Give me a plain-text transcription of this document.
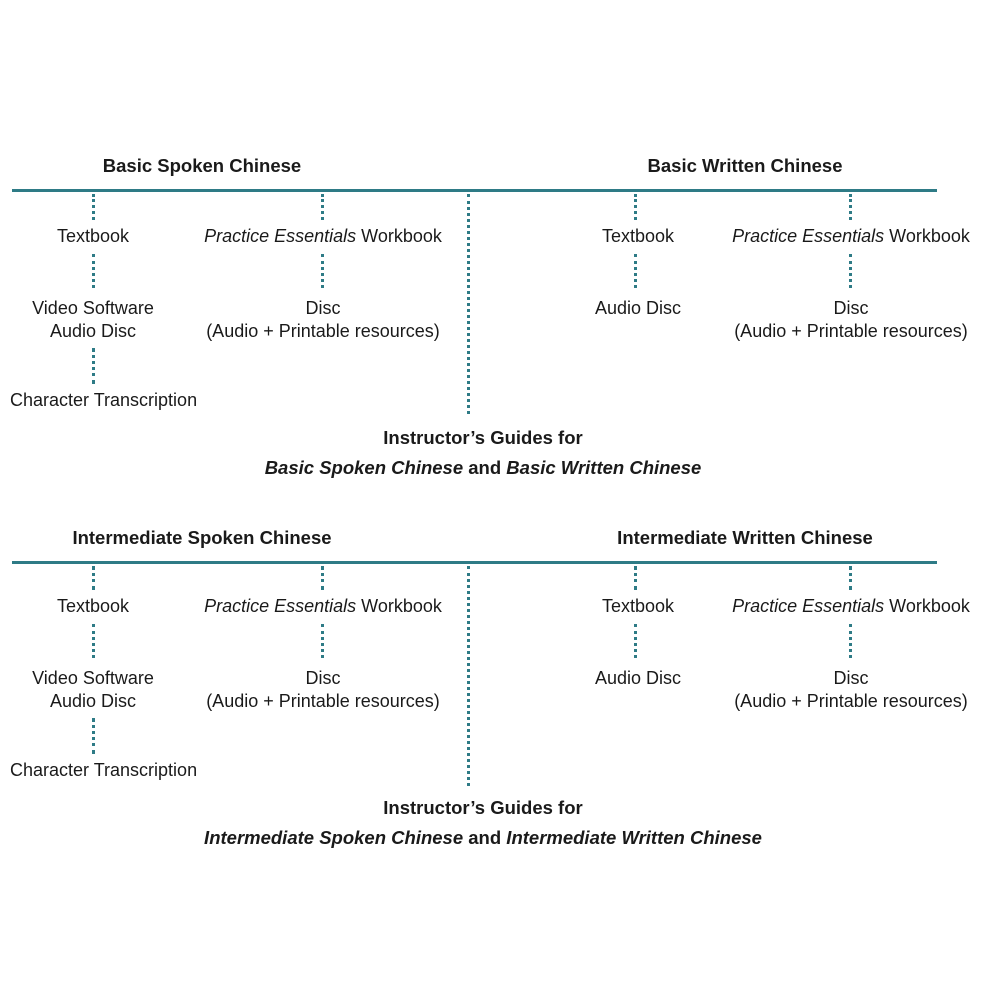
Basic Spoken Chinese	Basic Written Chinese
Textbook
Video Software
Audio Disc
Character Transcription
Practice Essentials Workbook
Disc
(Audio + Printable resources)
Textbook
Audio Disc
Practice Essentials Workbook
Disc
(Audio + Printable resources)
Instructor’s Guides for
Basic Spoken Chinese and Basic Written Chinese
Intermediate Spoken Chinese	Intermediate Written Chinese
Textbook
Video Software
Audio Disc
Character Transcription
Practice Essentials Workbook
Disc
(Audio + Printable resources)
Textbook
Audio Disc
Practice Essentials Workbook
Disc
(Audio + Printable resources)
Instructor’s Guides for
Intermediate Spoken Chinese and Intermediate Written Chinese
